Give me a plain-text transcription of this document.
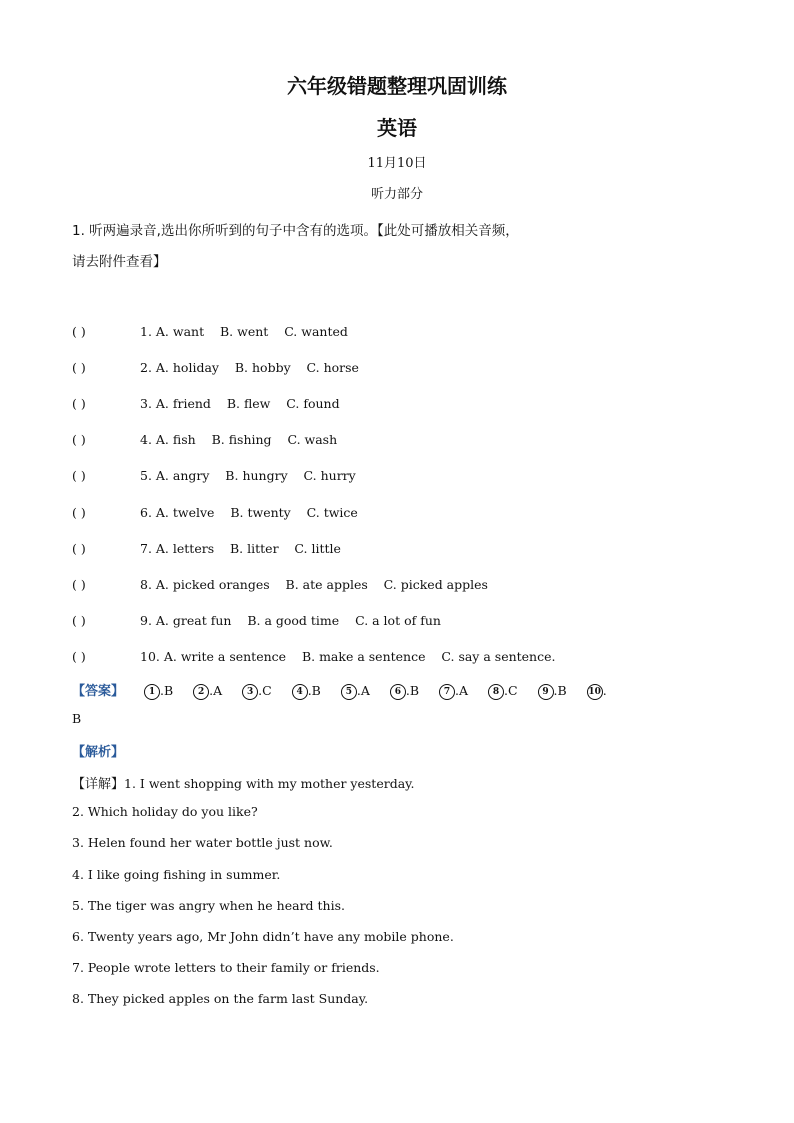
六年级错题整理巩固训练
英语
11月10日
听力部分
1. 听两遍录音,选出你所听到的句子中含有的选项。【此处可播放相关音频，
请去附件查看】
( )	1. A. want    B. went    C. wanted
( )	2. A. holiday    B. hobby    C. horse
( )	3. A. friend    B. flew    C. found
( )	4. A. fish    B. fishing    C. wash
( )	5. A. angry    B. hungry    C. hurry
( )	6. A. twelve    B. twenty    C. twice
( )	7. A. letters    B. litter    C. little
( )	8. A. picked oranges    B. ate apples    C. picked apples
( )	9. A. great fun    B. a good time    C. a lot of fun
( )	10. A. write a sentence    B. make a sentence    C. say a sentence.
【答案】	1 .B	2 .A	3 .C	4 .B	5 .A	6 .B	7 .A	8 .C	9 .B 10 .
B
【解析】
【详解】1. I went shopping with my mother yesterday.
2. Which holiday do you like?
3. Helen found her water bottle just now.
4. I like going fishing in summer.
5. The tiger was angry when he heard this.
6. Twenty years ago, Mr John didn’t have any mobile phone.
7. People wrote letters to their family or friends.
8. They picked apples on the farm last Sunday.
